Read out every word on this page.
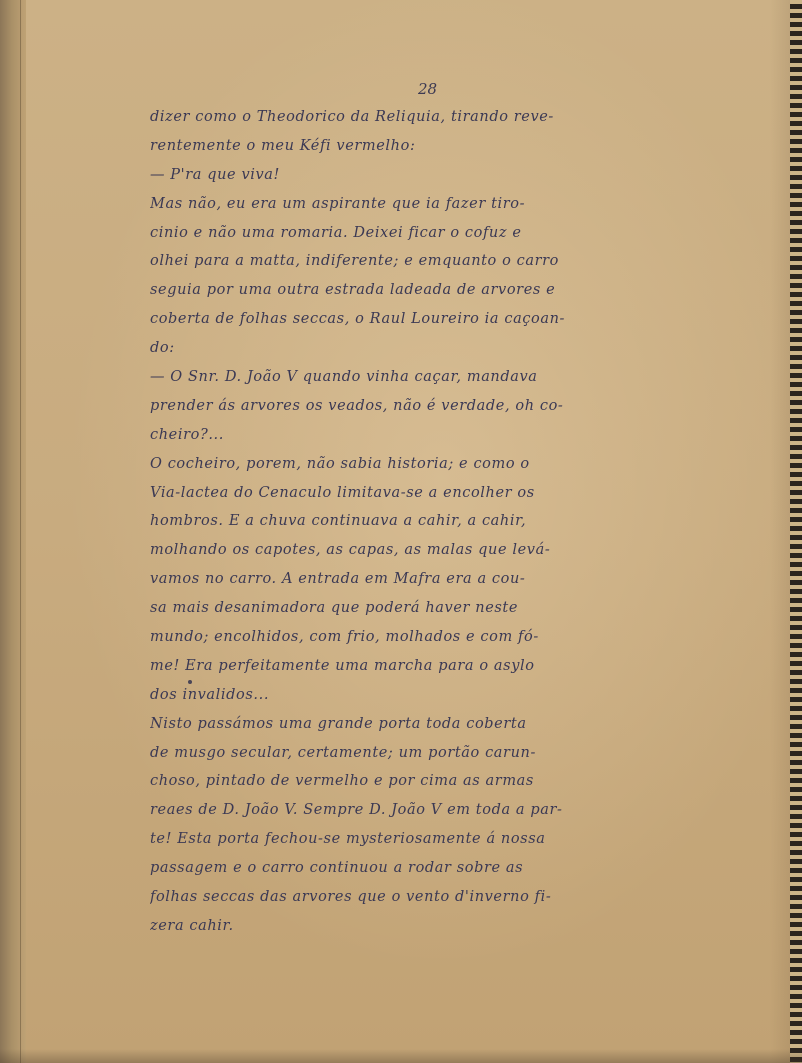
28
dizer como o Theodorico da Reliquia, tirando reve-
rentemente o meu Kéfi vermelho:
— P'ra que viva!
Mas não, eu era um aspirante que ia fazer tiro-
cinio e não uma romaria. Deixei ficar o cofuz e
olhei para a matta, indiferente; e emquanto o carro
seguia por uma outra estrada ladeada de arvores e
coberta de folhas seccas, o Raul Loureiro ia caçoan-
do:
— O Snr. D. João V quando vinha caçar, mandava
prender ás arvores os veados, não é verdade, oh co-
cheiro?...
O cocheiro, porem, não sabia historia; e como o
Via-lactea do Cenaculo limitava-se a encolher os
hombros. E a chuva continuava a cahir, a cahir,
molhando os capotes, as capas, as malas que levá-
vamos no carro. A entrada em Mafra era a cou-
sa mais desanimadora que poderá haver neste
mundo; encolhidos, com frio, molhados e com fó-
me! Era perfeitamente uma marcha para o asylo
dos invalidos...
Nisto passámos uma grande porta toda coberta
de musgo secular, certamente; um portão carun-
choso, pintado de vermelho e por cima as armas
reaes de D. João V. Sempre D. João V em toda a par-
te! Esta porta fechou-se mysteriosamente á nossa
passagem e o carro continuou a rodar sobre as
folhas seccas das arvores que o vento d'inverno fi-
zera cahir.
